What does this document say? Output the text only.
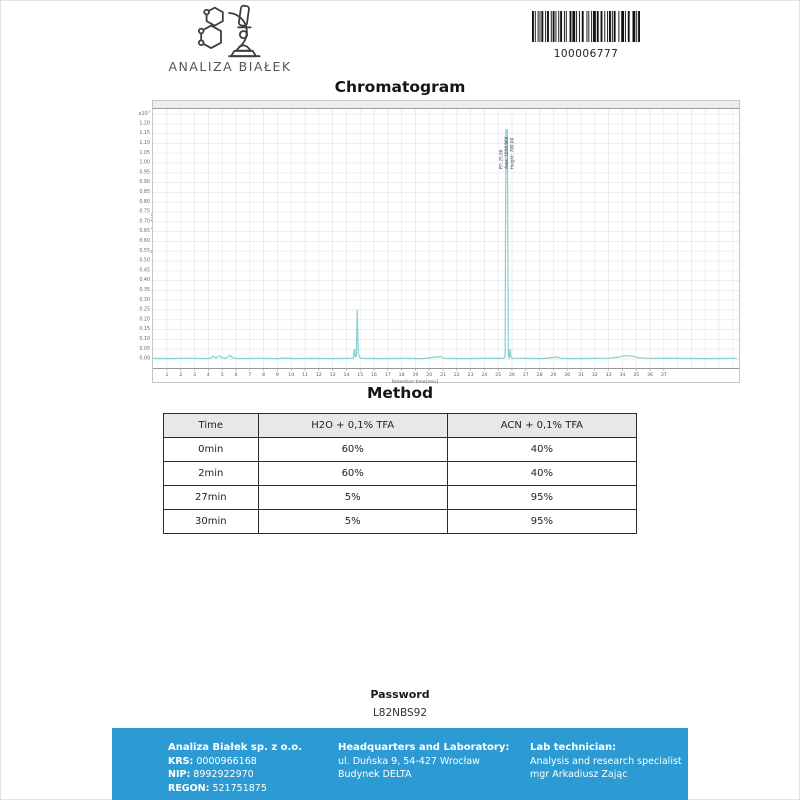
ANALIZA BIAŁEK
100006777
Chromatogram
$x10^7$
1.20
1.15
1.10
1.05
1.00
0.95
0.90
0.85
0.80
0.75
0.70
0.65
0.60
0.55
0.50
0.45
0.40
0.35
0.30
0.25
0.20
0.15
0.10
0.05
0.00
1 2 3 4 5 6 7 8 9 10 11 12 13 14 15 16 17 18 19 20 21 22 23 24 25 26 27 28 29 30 31 32 33 34 35 36 37
Retention time[min]
RT: 25.60 Area: 1056.960 Height: 780.00
Method
Time	H2O + 0,1% TFA	ACN + 0,1% TFA
0min	60%	40%
2min	60%	40%
27min	5%	95%
30min	5%	95%
Password
L82NBS92
Analiza Białek sp. z o.o.
KRS: 0000966168
NIP: 8992922970
REGON: 521751875
Headquarters and Laboratory:
ul. Duńska 9, 54-427 Wrocław
Budynek DELTA
Lab technician:
Analysis and research specialist
mgr Arkadiusz Zając
